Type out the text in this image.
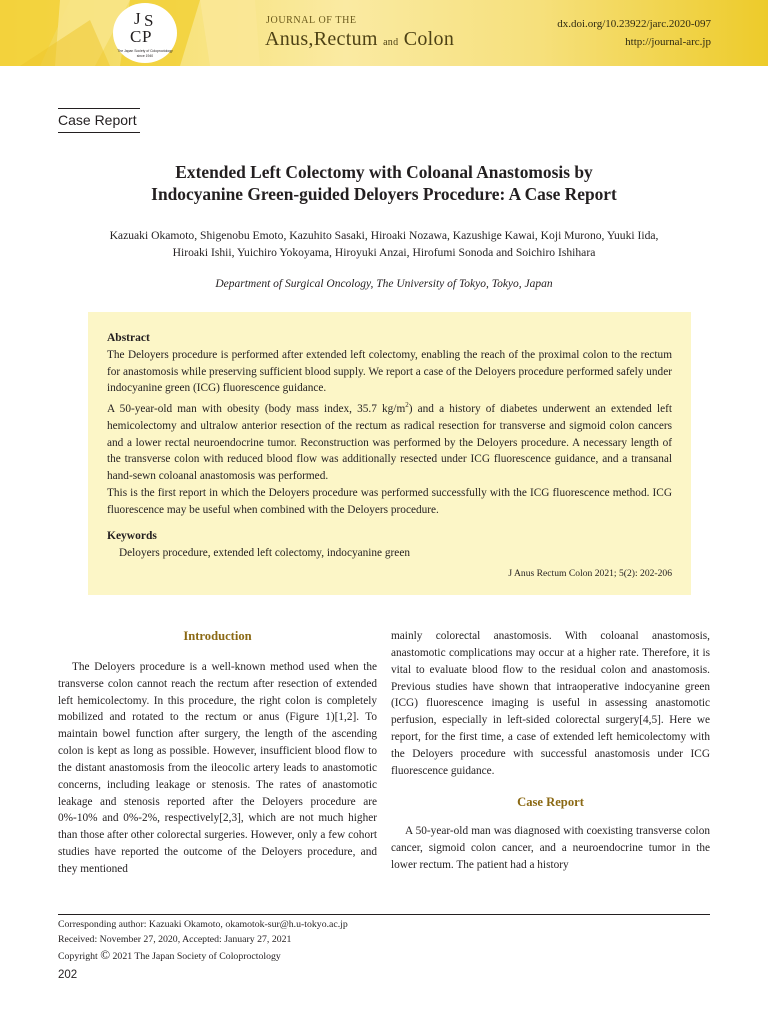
J S
C P
The Japan Society of Coloproctology
since 1940
JOURNAL OF THE
Anus,Rectum and Colon
dx.doi.org/10.23922/jarc.2020-097
http://journal-arc.jp
Case Report
Extended Left Colectomy with Coloanal Anastomosis by
Indocyanine Green-guided Deloyers Procedure: A Case Report
Kazuaki Okamoto, Shigenobu Emoto, Kazuhito Sasaki, Hiroaki Nozawa, Kazushige Kawai, Koji Murono, Yuuki Iida,
Hiroaki Ishii, Yuichiro Yokoyama, Hiroyuki Anzai, Hirofumi Sonoda and Soichiro Ishihara
Department of Surgical Oncology, The University of Tokyo, Tokyo, Japan
Abstract

The Deloyers procedure is performed after extended left colectomy, enabling the reach of the proximal colon to the rectum for anastomosis while preserving sufficient blood supply. We report a case of the Deloyers procedure performed safely under indocyanine green (ICG) fluorescence guidance.

A 50-year-old man with obesity (body mass index, 35.7 $kg/m^2$) and a history of diabetes underwent an extended left hemicolectomy and ultralow anterior resection of the rectum as radical resection for transverse and sigmoid colon cancers and a lower rectal neuroendocrine tumor. Reconstruction was performed by the Deloyers procedure. A necessary length of the transverse colon with reduced blood flow was additionally resected under ICG fluorescence guidance, and a transanal hand-sewn coloanal anastomosis was performed.

This is the first report in which the Deloyers procedure was performed successfully with the ICG fluorescence method. ICG fluorescence may be useful when combined with the Deloyers procedure.

Keywords
Deloyers procedure, extended left colectomy, indocyanine green
J Anus Rectum Colon 2021; 5(2): 202-206

Introduction

The Deloyers procedure is a well-known method used when the transverse colon cannot reach the rectum after resection of extended left hemicolectomy. In this procedure, the right colon is completely mobilized and rotated to the rectum or anus (Figure 1)[1,2]. To maintain bowel function after surgery, the length of the ascending colon is kept as long as possible. However, insufficient blood flow to the distant anastomosis from the ileocolic artery leads to anastomotic concerns, including leakage or stenosis. The rates of anastomotic leakage and stenosis reported after the Deloyers procedure are 0%-10% and 0%-2%, respectively[2,3], which are not much higher than those after other colorectal surgeries. However, only a few cohort studies have reported the outcome of the Deloyers procedure, and they mentioned

mainly colorectal anastomosis. With coloanal anastomosis, anastomotic complications may occur at a higher rate. Therefore, it is vital to evaluate blood flow to the residual colon and anastomosis. Previous studies have shown that intraoperative indocyanine green (ICG) fluorescence imaging is useful in assessing anastomotic perfusion, especially in left-sided colorectal surgery[4,5]. Here we report, for the first time, a case of extended left hemicolectomy with the Deloyers procedure with successful anastomosis under ICG fluorescence guidance.

Case Report

A 50-year-old man was diagnosed with coexisting transverse colon cancer, sigmoid colon cancer, and a neuroendocrine tumor in the lower rectum. The patient had a history

Corresponding author: Kazuaki Okamoto, okamotok-sur@h.u-tokyo.ac.jp
Received: November 27, 2020, Accepted: January 27, 2021
Copyright © 2021 The Japan Society of Coloproctology
202
